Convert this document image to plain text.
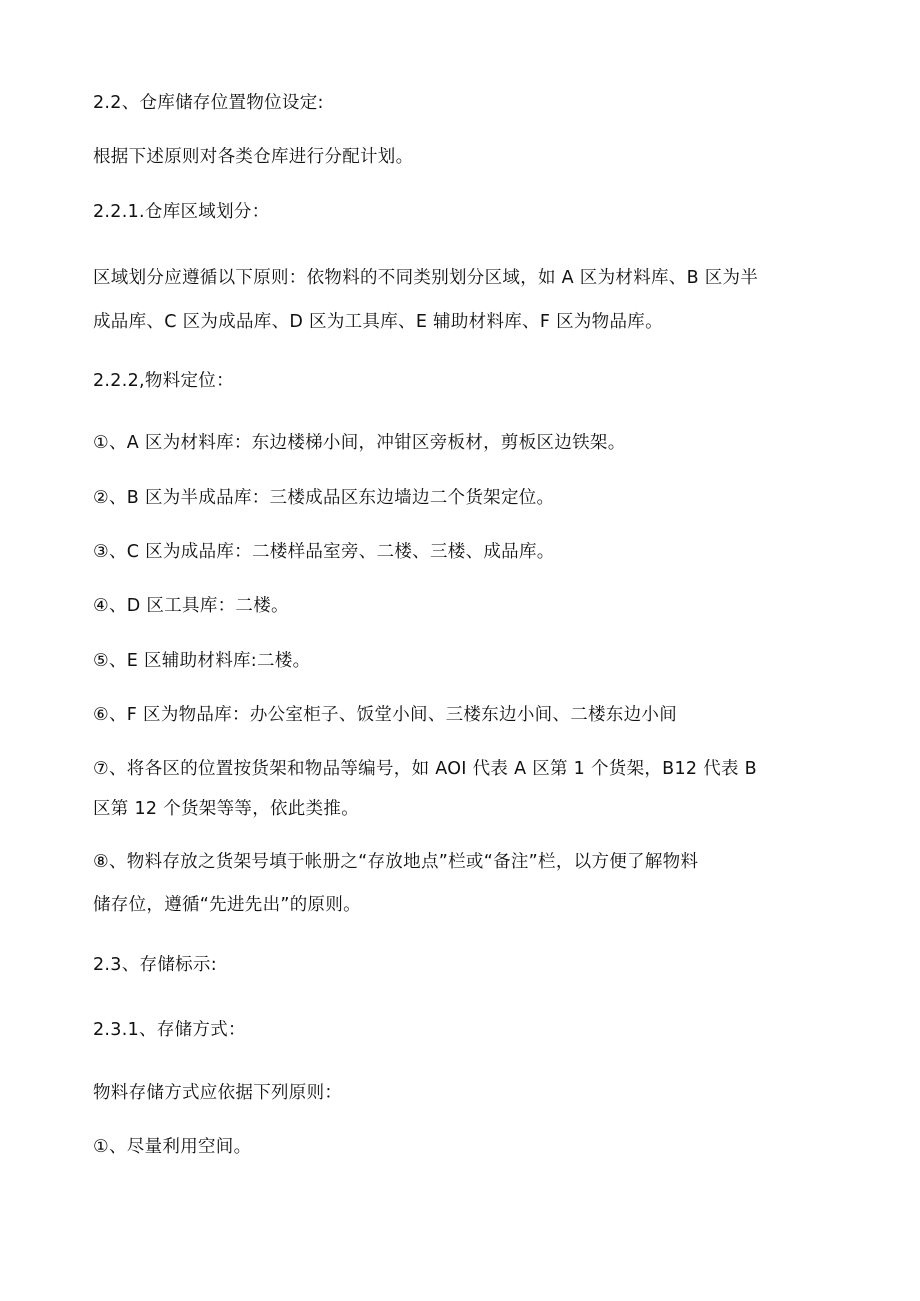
2.2、仓库储存位置物位设定:

根据下述原则对各类仓库进行分配计划。

2.2.1.仓库区域划分：

区域划分应遵循以下原则：依物料的不同类别划分区域，如 A 区为材料库、B 区为半

成品库、C 区为成品库、D 区为工具库、E 辅助材料库、F 区为物品库。

2.2.2,物料定位：

①、A 区为材料库：东边楼梯小间，冲钳区旁板材，剪板区边铁架。

②、B 区为半成品库：三楼成品区东边墙边二个货架定位。

③、C 区为成品库：二楼样品室旁、二楼、三楼、成品库。

④、D 区工具库：二楼。

⑤、E 区辅助材料库:二楼。

⑥、F 区为物品库：办公室柜子、饭堂小间、三楼东边小间、二楼东边小间

⑦、将各区的位置按货架和物品等编号，如 AOI 代表 A 区第 1 个货架，B12 代表 B

区第 12 个货架等等，依此类推。

⑧、物料存放之货架号填于帐册之“存放地点”栏或“备注”栏，以方便了解物料

储存位，遵循“先进先出”的原则。

2.3、存储标示:

2.3.1、存储方式：

物料存储方式应依据下列原则：

①、尽量利用空间。
